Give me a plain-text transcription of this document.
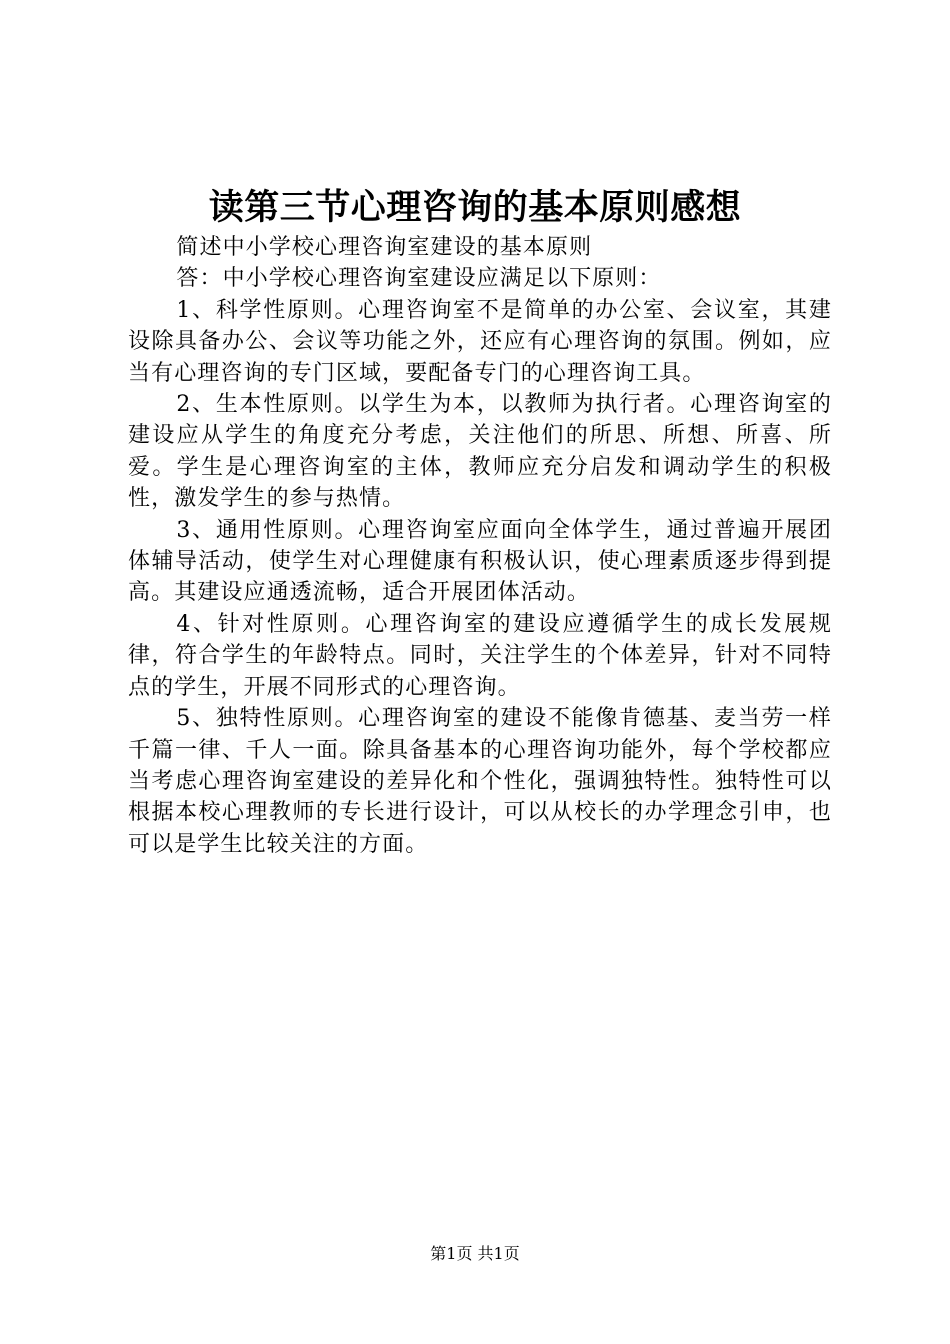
读第三节心理咨询的基本原则感想

简述中小学校心理咨询室建设的基本原则

答：中小学校心理咨询室建设应满足以下原则：

1、科学性原则。心理咨询室不是简单的办公室、会议室，其建设除具备办公、会议等功能之外，还应有心理咨询的氛围。例如，应当有心理咨询的专门区域，要配备专门的心理咨询工具。

2、生本性原则。以学生为本，以教师为执行者。心理咨询室的建设应从学生的角度充分考虑，关注他们的所思、所想、所喜、所爱。学生是心理咨询室的主体，教师应充分启发和调动学生的积极性，激发学生的参与热情。

3、通用性原则。心理咨询室应面向全体学生，通过普遍开展团体辅导活动，使学生对心理健康有积极认识，使心理素质逐步得到提高。其建设应通透流畅，适合开展团体活动。

4、针对性原则。心理咨询室的建设应遵循学生的成长发展规律，符合学生的年龄特点。同时，关注学生的个体差异，针对不同特点的学生，开展不同形式的心理咨询。

5、独特性原则。心理咨询室的建设不能像肯德基、麦当劳一样千篇一律、千人一面。除具备基本的心理咨询功能外，每个学校都应当考虑心理咨询室建设的差异化和个性化，强调独特性。独特性可以根据本校心理教师的专长进行设计，可以从校长的办学理念引申，也可以是学生比较关注的方面。

第1页 共1页
